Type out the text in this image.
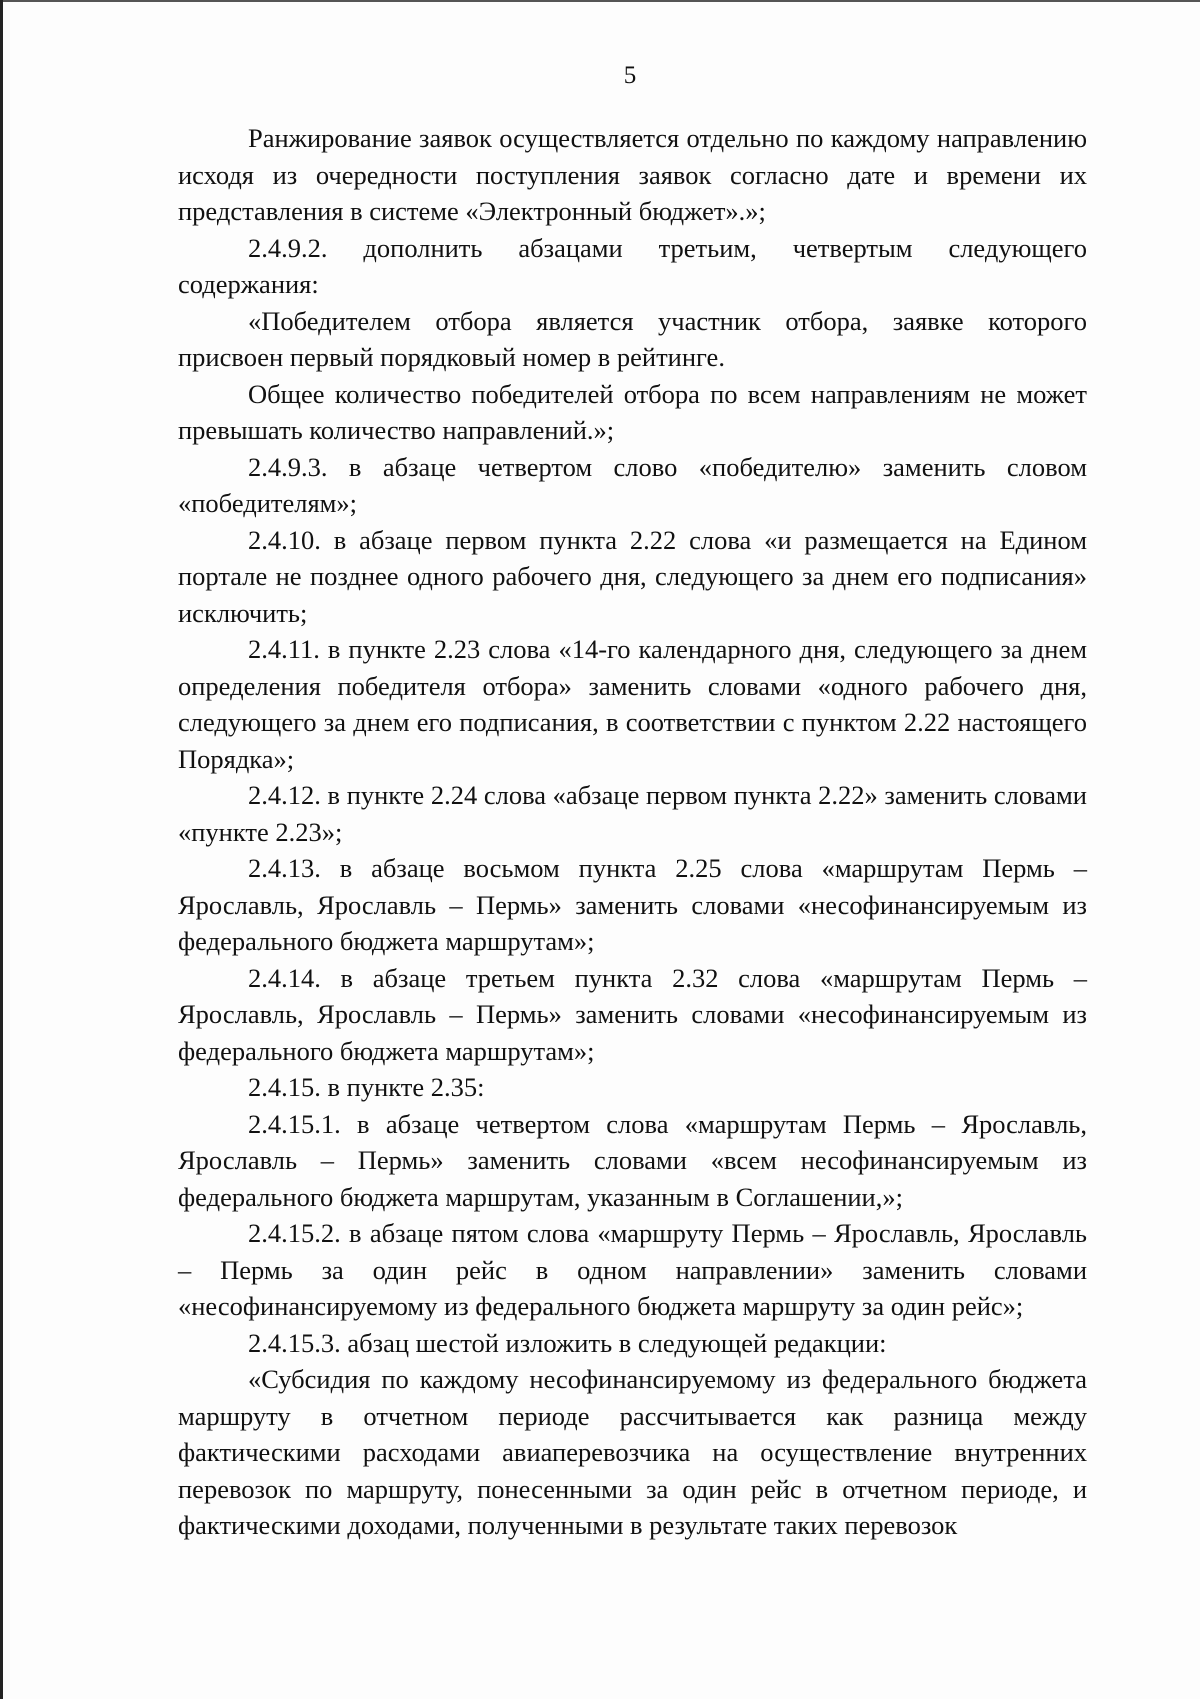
5

Ранжирование заявок осуществляется отдельно по каждому направлению исходя из очередности поступления заявок согласно дате и времени их представления в системе «Электронный бюджет».»;

2.4.9.2. дополнить абзацами третьим, четвертым следующего содержания:

«Победителем отбора является участник отбора, заявке которого присвоен первый порядковый номер в рейтинге.

Общее количество победителей отбора по всем направлениям не может превышать количество направлений.»;

2.4.9.3. в абзаце четвертом слово «победителю» заменить словом «победителям»;

2.4.10. в абзаце первом пункта 2.22 слова «и размещается на Едином портале не позднее одного рабочего дня, следующего за днем его подписания» исключить;

2.4.11. в пункте 2.23 слова «14-го календарного дня, следующего за днем определения победителя отбора» заменить словами «одного рабочего дня, следующего за днем его подписания, в соответствии с пунктом 2.22 настоящего Порядка»;

2.4.12. в пункте 2.24 слова «абзаце первом пункта 2.22» заменить словами «пункте 2.23»;

2.4.13. в абзаце восьмом пункта 2.25 слова «маршрутам Пермь – Ярославль, Ярославль – Пермь» заменить словами «несофинансируемым из федерального бюджета маршрутам»;

2.4.14. в абзаце третьем пункта 2.32 слова «маршрутам Пермь – Ярославль, Ярославль – Пермь» заменить словами «несофинансируемым из федерального бюджета маршрутам»;

2.4.15. в пункте 2.35:

2.4.15.1. в абзаце четвертом слова «маршрутам Пермь – Ярославль, Ярославль – Пермь» заменить словами «всем несофинансируемым из федерального бюджета маршрутам, указанным в Соглашении,»;

2.4.15.2. в абзаце пятом слова «маршруту Пермь – Ярославль, Ярославль – Пермь за один рейс в одном направлении» заменить словами «несофинансируемому из федерального бюджета маршруту за один рейс»;

2.4.15.3. абзац шестой изложить в следующей редакции:

«Субсидия по каждому несофинансируемому из федерального бюджета маршруту в отчетном периоде рассчитывается как разница между фактическими расходами авиаперевозчика на осуществление внутренних перевозок по маршруту, понесенными за один рейс в отчетном периоде, и фактическими доходами, полученными в результате таких перевозок
